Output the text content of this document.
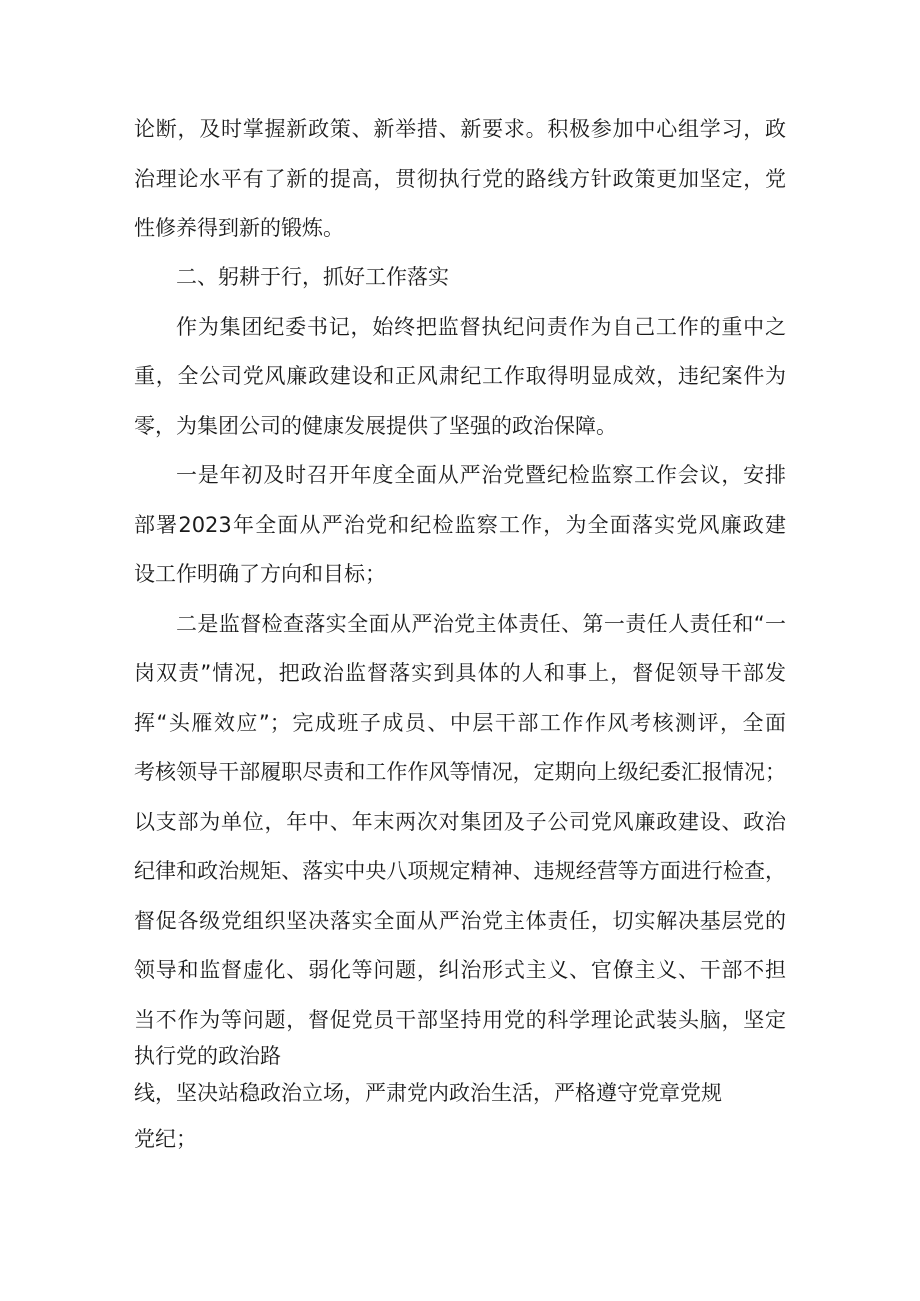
论断，及时掌握新政策、新举措、新要求。积极参加中心组学习，政

治理论水平有了新的提高，贯彻执行党的路线方针政策更加坚定，党

性修养得到新的锻炼。

二、躬耕于行，抓好工作落实

作为集团纪委书记，始终把监督执纪问责作为自己工作的重中之

重，全公司党风廉政建设和正风肃纪工作取得明显成效，违纪案件为

零，为集团公司的健康发展提供了坚强的政治保障。

一是年初及时召开年度全面从严治党暨纪检监察工作会议，安排

部署2023年全面从严治党和纪检监察工作，为全面落实党风廉政建

设工作明确了方向和目标；

二是监督检查落实全面从严治党主体责任、第一责任人责任和“一

岗双责”情况，把政治监督落实到具体的人和事上，督促领导干部发

挥“头雁效应”；完成班子成员、中层干部工作作风考核测评，全面

考核领导干部履职尽责和工作作风等情况，定期向上级纪委汇报情况；

以支部为单位，年中、年末两次对集团及子公司党风廉政建设、政治

纪律和政治规矩、落实中央八项规定精神、违规经营等方面进行检查，

督促各级党组织坚决落实全面从严治党主体责任，切实解决基层党的

领导和监督虚化、弱化等问题，纠治形式主义、官僚主义、干部不担

当不作为等问题，督促党员干部坚持用党的科学理论武装头脑，坚定

执行党的政治路

线，坚决站稳政治立场，严肃党内政治生活，严格遵守党章党规

党纪；
